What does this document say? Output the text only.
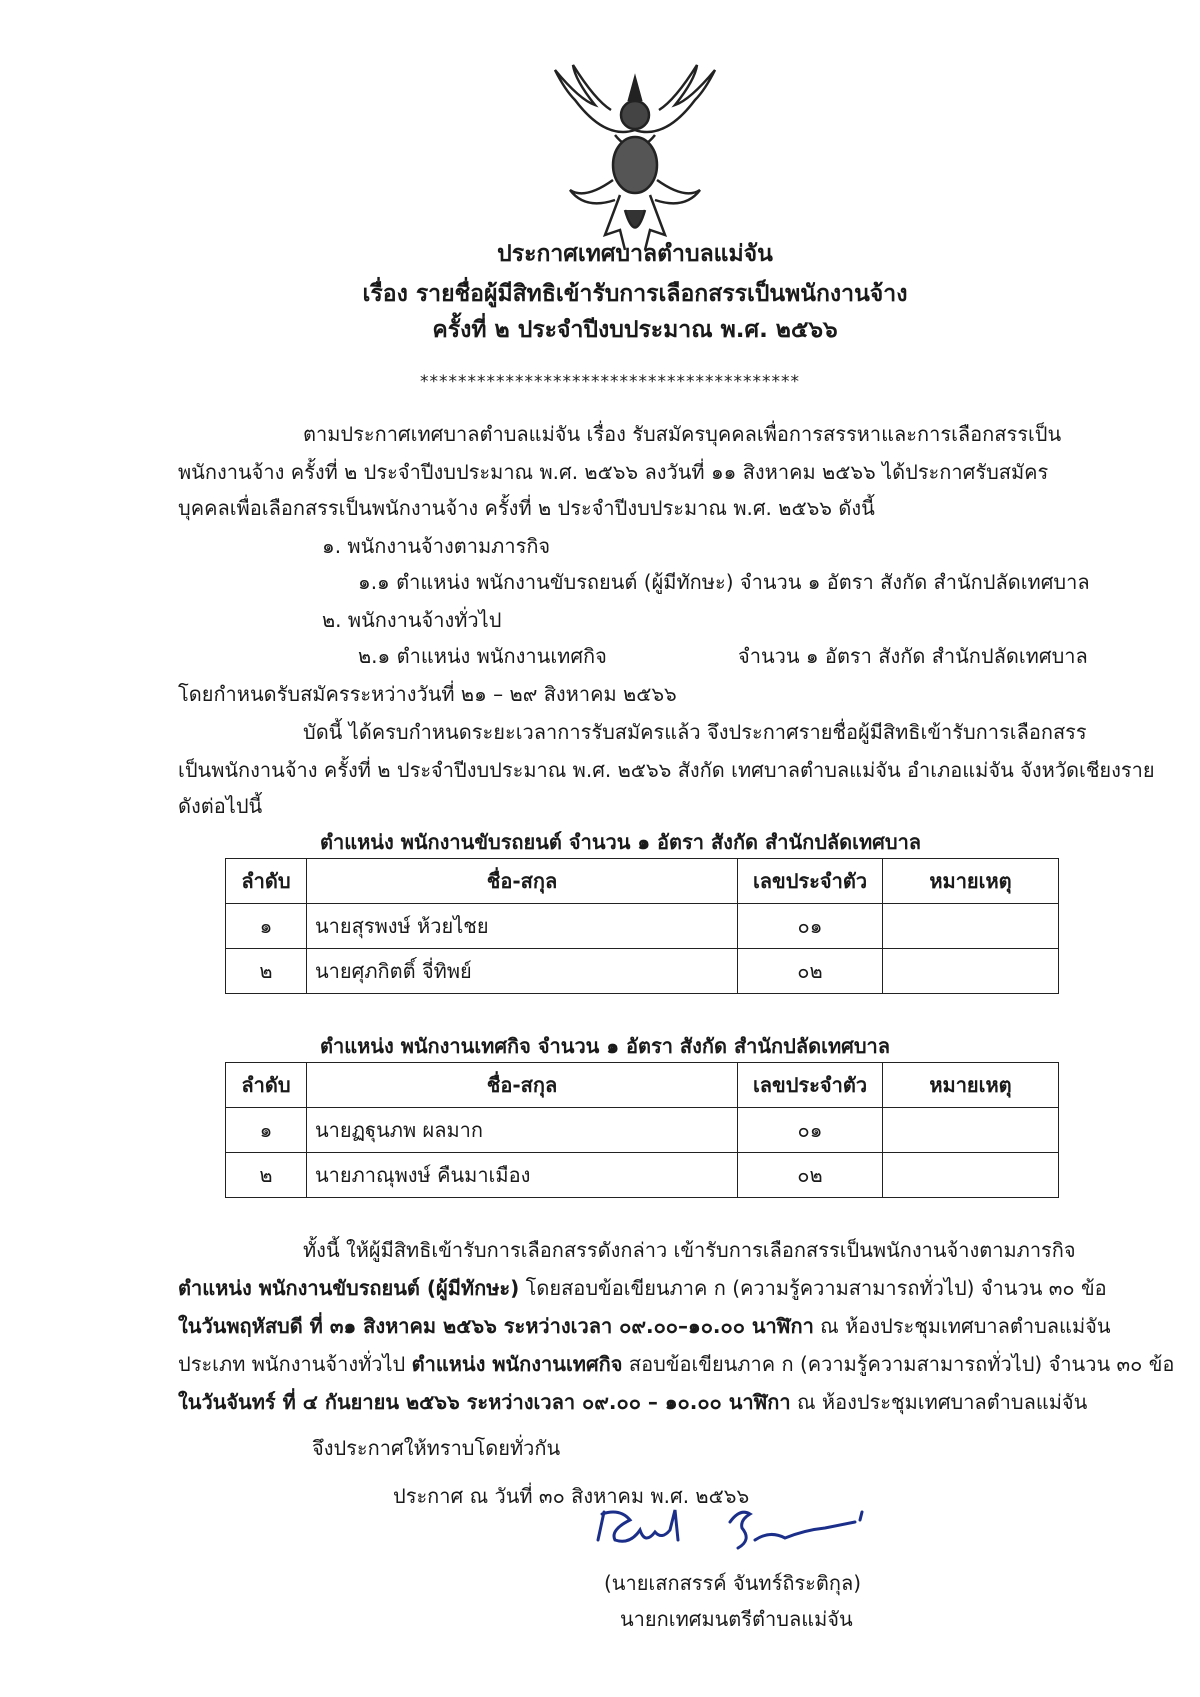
ประกาศเทศบาลตำบลแม่จัน
เรื่อง รายชื่อผู้มีสิทธิเข้ารับการเลือกสรรเป็นพนักงานจ้าง
ครั้งที่ ๒ ประจำปีงบประมาณ พ.ศ. ๒๕๖๖
****************************************
ตามประกาศเทศบาลตำบลแม่จัน เรื่อง รับสมัครบุคคลเพื่อการสรรหาและการเลือกสรรเป็น
พนักงานจ้าง ครั้งที่ ๒ ประจำปีงบประมาณ พ.ศ. ๒๕๖๖ ลงวันที่ ๑๑ สิงหาคม ๒๕๖๖ ได้ประกาศรับสมัคร
บุคคลเพื่อเลือกสรรเป็นพนักงานจ้าง ครั้งที่ ๒ ประจำปีงบประมาณ พ.ศ. ๒๕๖๖ ดังนี้
๑. พนักงานจ้างตามภารกิจ
๑.๑ ตำแหน่ง พนักงานขับรถยนต์ (ผู้มีทักษะ) จำนวน ๑ อัตรา สังกัด สำนักปลัดเทศบาล
๒. พนักงานจ้างทั่วไป
๒.๑ ตำแหน่ง พนักงานเทศกิจ	จำนวน ๑ อัตรา สังกัด สำนักปลัดเทศบาล
โดยกำหนดรับสมัครระหว่างวันที่ ๒๑ – ๒๙ สิงหาคม ๒๕๖๖
บัดนี้ ได้ครบกำหนดระยะเวลาการรับสมัครแล้ว จึงประกาศรายชื่อผู้มีสิทธิเข้ารับการเลือกสรร
เป็นพนักงานจ้าง ครั้งที่ ๒ ประจำปีงบประมาณ พ.ศ. ๒๕๖๖ สังกัด เทศบาลตำบลแม่จัน อำเภอแม่จัน จังหวัดเชียงราย
ดังต่อไปนี้
ตำแหน่ง พนักงานขับรถยนต์ จำนวน ๑ อัตรา สังกัด สำนักปลัดเทศบาล
ลำดับ	ชื่อ-สกุล	เลขประจำตัว	หมายเหตุ
๑	นายสุรพงษ์ ห้วยไชย	๐๑	
๒	นายศุภกิตติ์ จี่ทิพย์	๐๒	
ตำแหน่ง พนักงานเทศกิจ จำนวน ๑ อัตรา สังกัด สำนักปลัดเทศบาล
ลำดับ	ชื่อ-สกุล	เลขประจำตัว	หมายเหตุ
๑	นายฏฐุนภพ ผลมาก	๐๑	
๒	นายภาณุพงษ์ คืนมาเมือง	๐๒	
ทั้งนี้ ให้ผู้มีสิทธิเข้ารับการเลือกสรรดังกล่าว เข้ารับการเลือกสรรเป็นพนักงานจ้างตามภารกิจ
ตำแหน่ง พนักงานขับรถยนต์ (ผู้มีทักษะ) โดยสอบข้อเขียนภาค ก (ความรู้ความสามารถทั่วไป) จำนวน ๓๐ ข้อ
ในวันพฤหัสบดี ที่ ๓๑ สิงหาคม ๒๕๖๖ ระหว่างเวลา ๐๙.๐๐–๑๐.๐๐ นาฬิกา ณ ห้องประชุมเทศบาลตำบลแม่จัน
ประเภท พนักงานจ้างทั่วไป ตำแหน่ง พนักงานเทศกิจ สอบข้อเขียนภาค ก (ความรู้ความสามารถทั่วไป) จำนวน ๓๐ ข้อ
ในวันจันทร์ ที่ ๔ กันยายน ๒๕๖๖ ระหว่างเวลา ๐๙.๐๐ – ๑๐.๐๐ นาฬิกา ณ ห้องประชุมเทศบาลตำบลแม่จัน
จึงประกาศให้ทราบโดยทั่วกัน
ประกาศ ณ วันที่ ๓๐ สิงหาคม พ.ศ. ๒๕๖๖
(นายเสกสรรค์ จันทร์ถิระติกุล)
นายกเทศมนตรีตำบลแม่จัน
